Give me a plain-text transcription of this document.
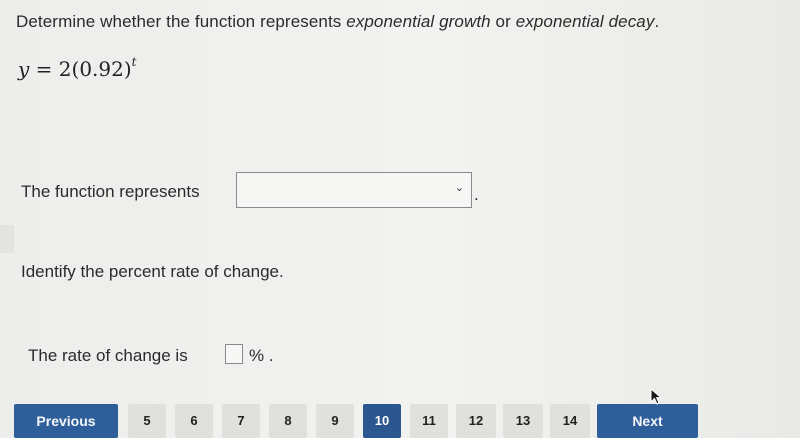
Determine whether the function represents exponential growth or exponential decay.
$y = 2(0.92)^t$
The function represents	⌄ .
Identify the percent rate of change.
The rate of change is	% .
Previous	5	6	7	8	9	10	11	12	13	14	Next
